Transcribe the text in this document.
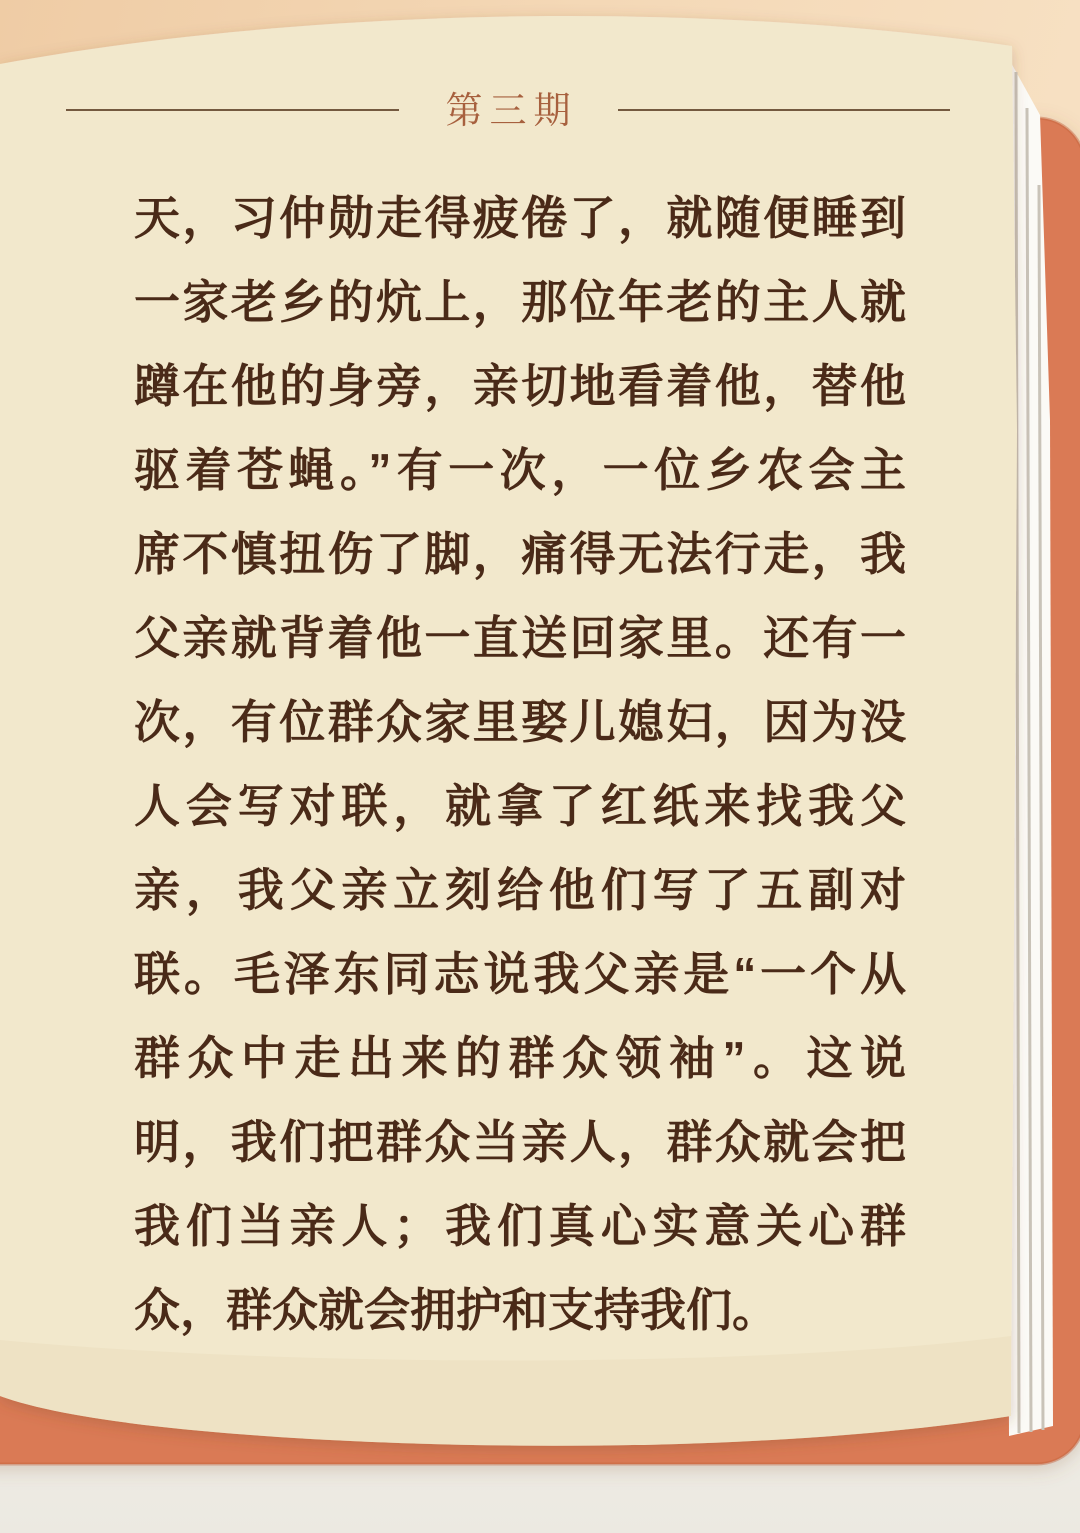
第三期
天，习仲勋走得疲倦了，就随便睡到
一家老乡的炕上，那位年老的主人就
蹲在他的身旁，亲切地看着他，替他
驱着苍蝇。”有一次，一位乡农会主
席不慎扭伤了脚，痛得无法行走，我
父亲就背着他一直送回家里。还有一
次，有位群众家里娶儿媳妇，因为没
人会写对联，就拿了红纸来找我父
亲，我父亲立刻给他们写了五副对
联。毛泽东同志说我父亲是“一个从
群众中走出来的群众领袖”。这说
明，我们把群众当亲人，群众就会把
我们当亲人；我们真心实意关心群
众，群众就会拥护和支持我们。
